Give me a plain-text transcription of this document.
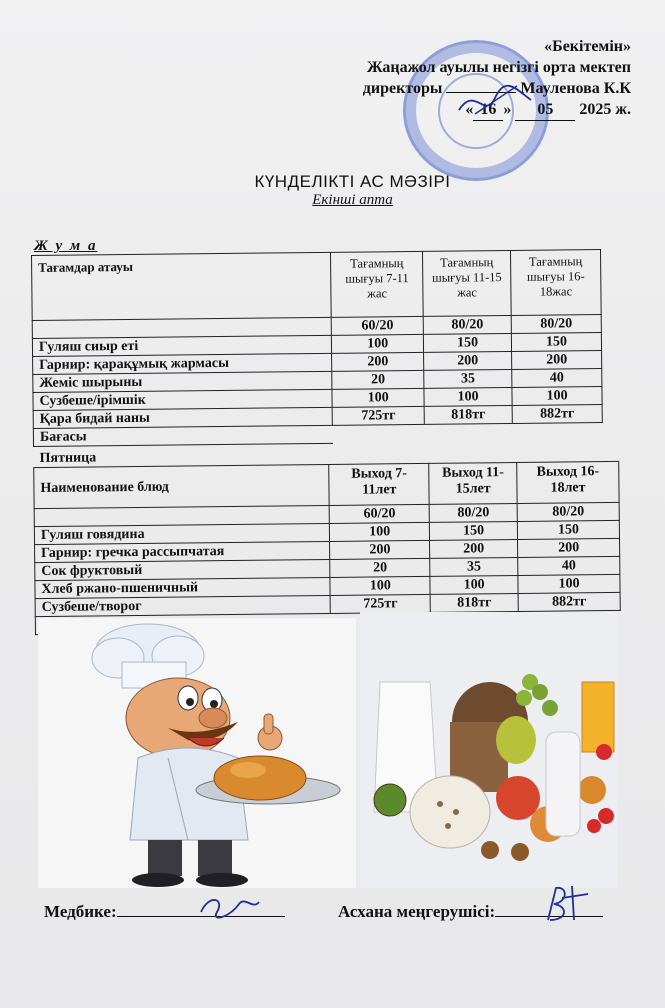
«Бекітемін»
Жаңажол ауылы негізгі орта мектеп
директоры	Мауленова К.К
« 16 » 05 2025 ж.
КҮНДЕЛІКТІ АС МӘЗІРІ
Екінші апта
Ж у м а
Тағамдар атауы	Тағамның шығуы 7-11 жас	Тағамның шығуы 11-15 жас	Тағамның шығуы 16-18жас
	60/20	80/20	80/20
Гуляш сиыр еті	100	150	150
Гарнир: қарақұмық жармасы	200	200	200
Жеміс шырыны	20	35	40
Сузбеше/ірімшік	100	100	100
Қара бидай наны	725тг	818тг	882тг
Бағасы			
Пятница			
Наименование блюд	Выход 7-11лет	Выход 11-15лет	Выход 16-18лет
	60/20	80/20	80/20
Гуляш говядина	100	150	150
Гарнир: гречка рассыпчатая	200	200	200
Сок фруктовый	20	35	40
Хлеб ржано-пшеничный	100	100	100
Сузбеше/творог	725тг	818тг	882тг

Медбике:	Асхана меңгерушісі:
